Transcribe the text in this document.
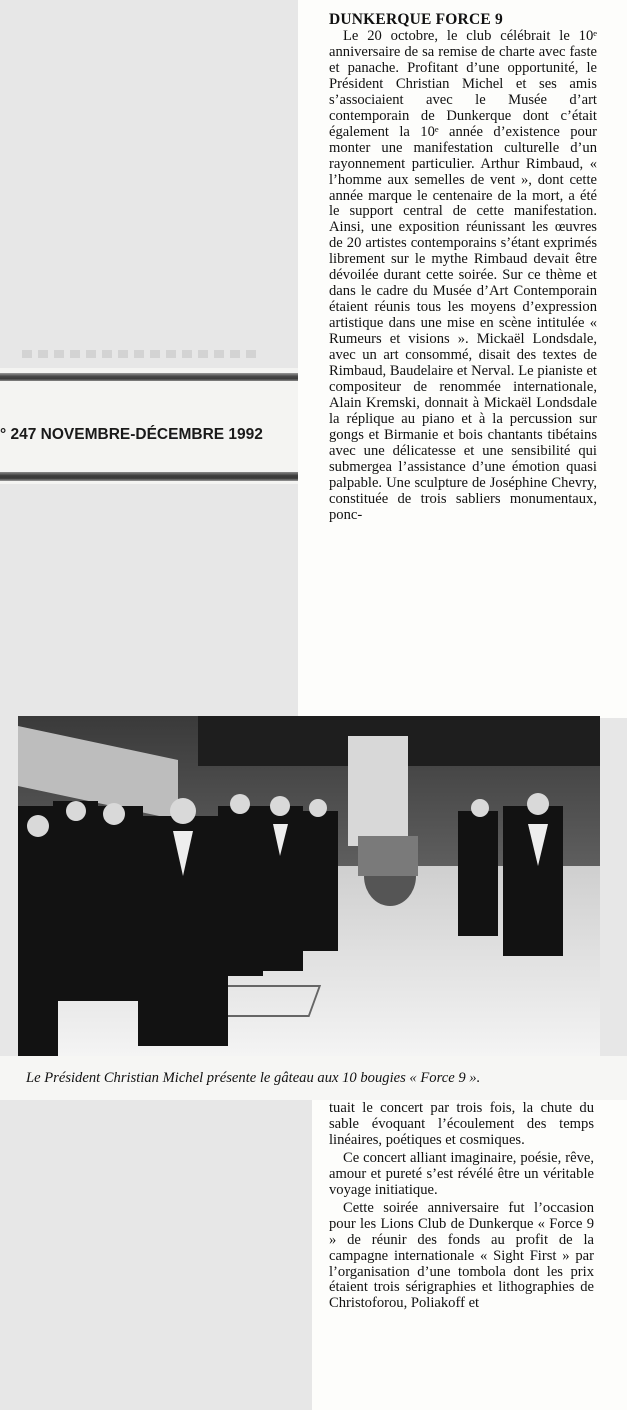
° 247 NOVEMBRE-DÉCEMBRE 1992
DUNKERQUE FORCE 9

Le 20 octobre, le club célébrait le 10ᵉ anniversaire de sa remise de charte avec faste et panache. Profitant d’une opportunité, le Président Christian Michel et ses amis s’associaient avec le Musée d’art contemporain de Dunkerque dont c’était également la 10ᵉ année d’existence pour monter une manifestation culturelle d’un rayonnement particulier. Arthur Rimbaud, « l’homme aux semelles de vent », dont cette année marque le centenaire de la mort, a été le support central de cette manifestation. Ainsi, une exposition réunissant les œuvres de 20 artistes contemporains s’étant exprimés librement sur le mythe Rimbaud devait être dévoilée durant cette soirée. Sur ce thème et dans le cadre du Musée d’Art Contemporain étaient réunis tous les moyens d’expression artistique dans une mise en scène intitulée « Rumeurs et visions ». Mickaël Londsdale, avec un art consommé, disait des textes de Rimbaud, Baudelaire et Nerval. Le pianiste et compositeur de renommée internationale, Alain Kremski, donnait à Mickaël Londsdale la réplique au piano et à la percussion sur gongs et Birmanie et bois chantants tibétains avec une délicatesse et une sensibilité qui submergea l’assistance d’une émotion quasi palpable. Une sculpture de Joséphine Chevry, constituée de trois sabliers monumentaux, ponc-

Le Président Christian Michel présente le gâteau aux 10 bougies « Force 9 ».

tuait le concert par trois fois, la chute du sable évoquant l’écoulement des temps linéaires, poétiques et cosmiques.

Ce concert alliant imaginaire, poésie, rêve, amour et pureté s’est révélé être un véritable voyage initiatique.

Cette soirée anniversaire fut l’occasion pour les Lions Club de Dunkerque « Force 9 » de réunir des fonds au profit de la campagne internationale « Sight First » par l’organisation d’une tombola dont les prix étaient trois sérigraphies et lithographies de Christoforou, Poliakoff et
